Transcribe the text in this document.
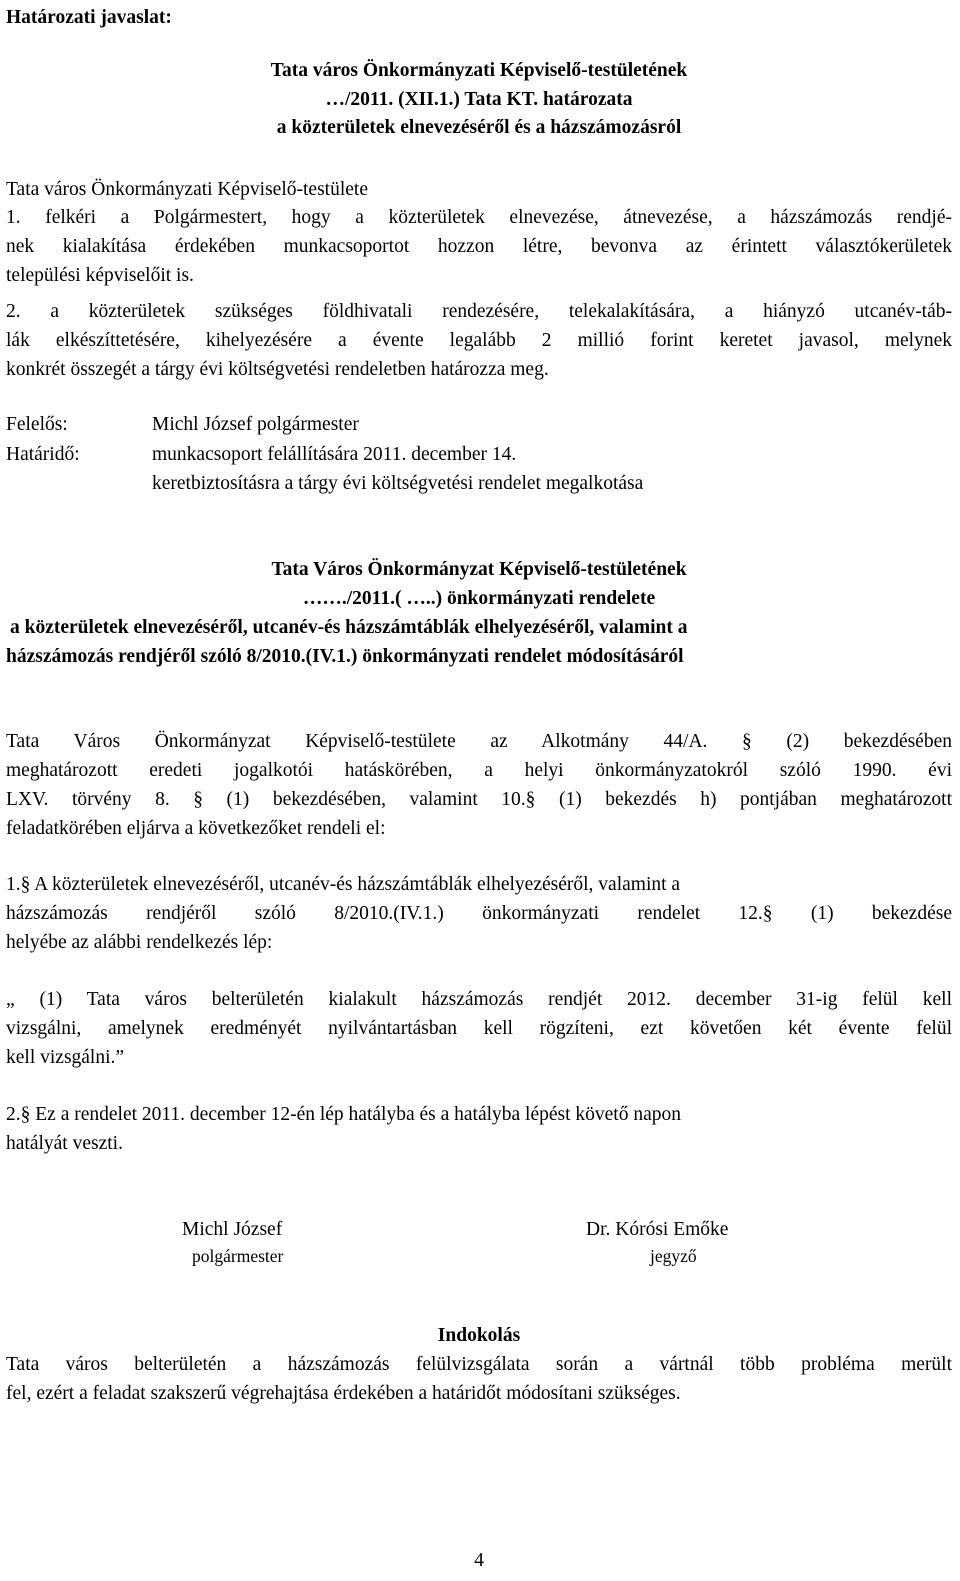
Határozati javaslat:
Tata város Önkormányzati Képviselő-testületének
…/2011. (XII.1.) Tata KT. határozata
a közterületek elnevezéséről és a házszámozásról
Tata város Önkormányzati Képviselő-testülete
1. felkéri a Polgármestert, hogy a közterületek elnevezése, átnevezése, a házszámozás rendjé-
nek kialakítása érdekében munkacsoportot hozzon létre, bevonva az érintett választókerületek
települési képviselőit is.
2. a közterületek szükséges földhivatali rendezésére, telekalakítására, a hiányzó utcanév-táb-
lák elkészíttetésére, kihelyezésére a évente legalább 2 millió forint keretet javasol, melynek
konkrét összegét a tárgy évi költségvetési rendeletben határozza meg.
Felelős:	Michl József polgármester
Határidő:	munkacsoport felállítására 2011. december 14.
keretbiztosításra a tárgy évi költségvetési rendelet megalkotása
Tata Város Önkormányzat Képviselő-testületének
……./2011.( …..) önkormányzati rendelete
a közterületek elnevezéséről, utcanév-és házszámtáblák elhelyezéséről, valamint a
házszámozás rendjéről szóló 8/2010.(IV.1.) önkormányzati rendelet módosításáról
Tata Város Önkormányzat Képviselő-testülete az Alkotmány 44/A. § (2) bekezdésében
meghatározott eredeti jogalkotói hatáskörében, a helyi önkormányzatokról szóló 1990. évi
LXV. törvény 8. § (1) bekezdésében, valamint 10.§ (1) bekezdés h) pontjában meghatározott
feladatkörében eljárva a következőket rendeli el:
1.§ A közterületek elnevezéséről, utcanév-és házszámtáblák elhelyezéséről, valamint a
házszámozás rendjéről szóló 8/2010.(IV.1.) önkormányzati rendelet 12.§ (1) bekezdése
helyébe az alábbi rendelkezés lép:
„ (1) Tata város belterületén kialakult házszámozás rendjét 2012. december 31-ig felül kell
vizsgálni, amelynek eredményét nyilvántartásban kell rögzíteni, ezt követően két évente felül
kell vizsgálni.”
2.§ Ez a rendelet 2011. december 12-én lép hatályba és a hatályba lépést követő napon
hatályát veszti.
Michl József
polgármester
Dr. Kórósi Emőke
jegyző
Indokolás
Tata város belterületén a házszámozás felülvizsgálata során a vártnál több probléma merült
fel, ezért a feladat szakszerű végrehajtása érdekében a határidőt módosítani szükséges.
4
